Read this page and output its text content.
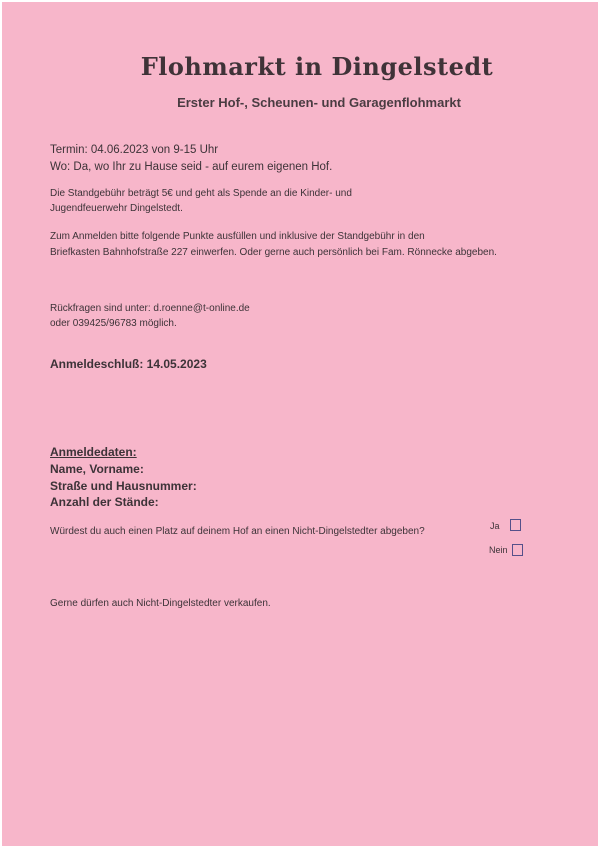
Flohmarkt in Dingelstedt
Erster Hof-, Scheunen- und Garagenflohmarkt
Termin: 04.06.2023 von 9-15 Uhr
Wo: Da, wo Ihr zu Hause seid - auf eurem eigenen Hof.
Die Standgebühr beträgt 5€ und geht als Spende an die Kinder- und
Jugendfeuerwehr Dingelstedt.
Zum Anmelden bitte folgende Punkte ausfüllen und inklusive der Standgebühr in den
Briefkasten Bahnhofstraße 227 einwerfen. Oder gerne auch persönlich bei Fam. Rönnecke abgeben.
Rückfragen sind unter: d.roenne@t-online.de
oder 039425/96783 möglich.
Anmeldeschluß: 14.05.2023
Anmeldedaten:
Name, Vorname:
Straße und Hausnummer:
Anzahl der Stände:
Würdest du auch einen Platz auf deinem Hof an einen Nicht-Dingelstedter abgeben?	Ja
Nein
Gerne dürfen auch Nicht-Dingelstedter verkaufen.
